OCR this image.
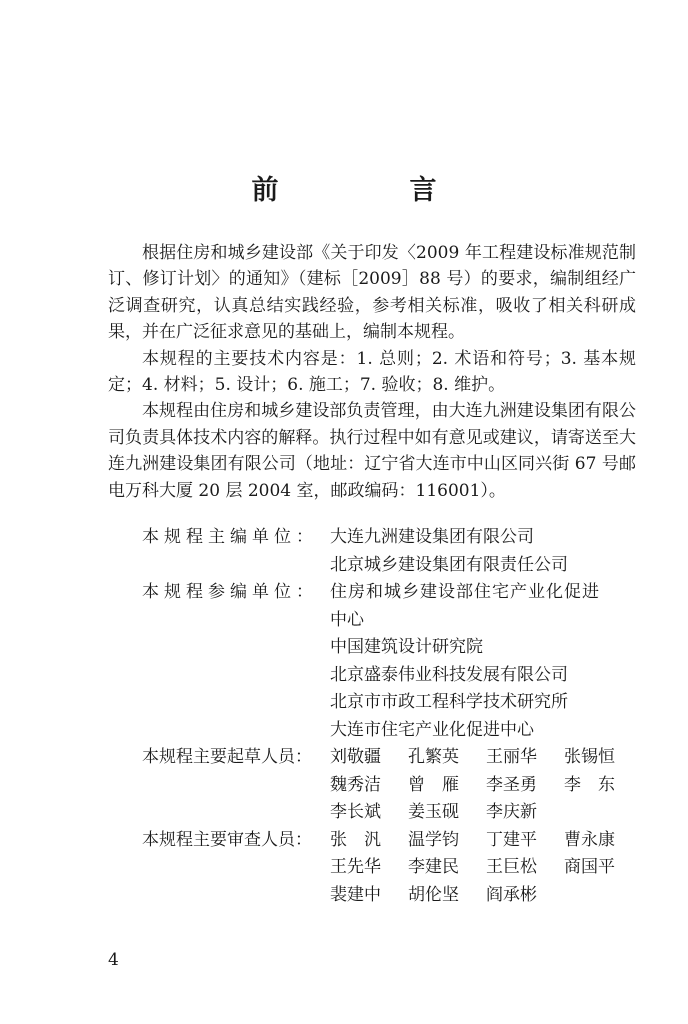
前　言

根据住房和城乡建设部《关于印发〈2009 年工程建设标准规范制订、修订计划〉的通知》（建标［2009］88 号）的要求，编制组经广泛调查研究，认真总结实践经验，参考相关标准，吸收了相关科研成果，并在广泛征求意见的基础上，编制本规程。

本规程的主要技术内容是：1. 总则；2. 术语和符号；3. 基本规定；4. 材料；5. 设计；6. 施工；7. 验收；8. 维护。

本规程由住房和城乡建设部负责管理，由大连九洲建设集团有限公司负责具体技术内容的解释。执行过程中如有意见或建议，请寄送至大连九洲建设集团有限公司（地址：辽宁省大连市中山区同兴街 67 号邮电万科大厦 20 层 2004 室，邮政编码：116001）。

本规程主编单位： 大连九洲建设集团有限公司
北京城乡建设集团有限责任公司
本规程参编单位： 住房和城乡建设部住宅产业化促进
中心
中国建筑设计研究院
北京盛泰伟业科技发展有限公司
北京市市政工程科学技术研究所
大连市住宅产业化促进中心
本规程主要起草人员：	刘敬疆	孔繁英	王丽华	张锡恒
魏秀洁	曾　雁	李圣勇	李　东
李长斌	姜玉砚	李庆新
本规程主要审查人员：	张　汎	温学钧	丁建平	曹永康
王先华	李建民	王巨松	商国平
裴建中	胡伦坚	阎承彬
4
